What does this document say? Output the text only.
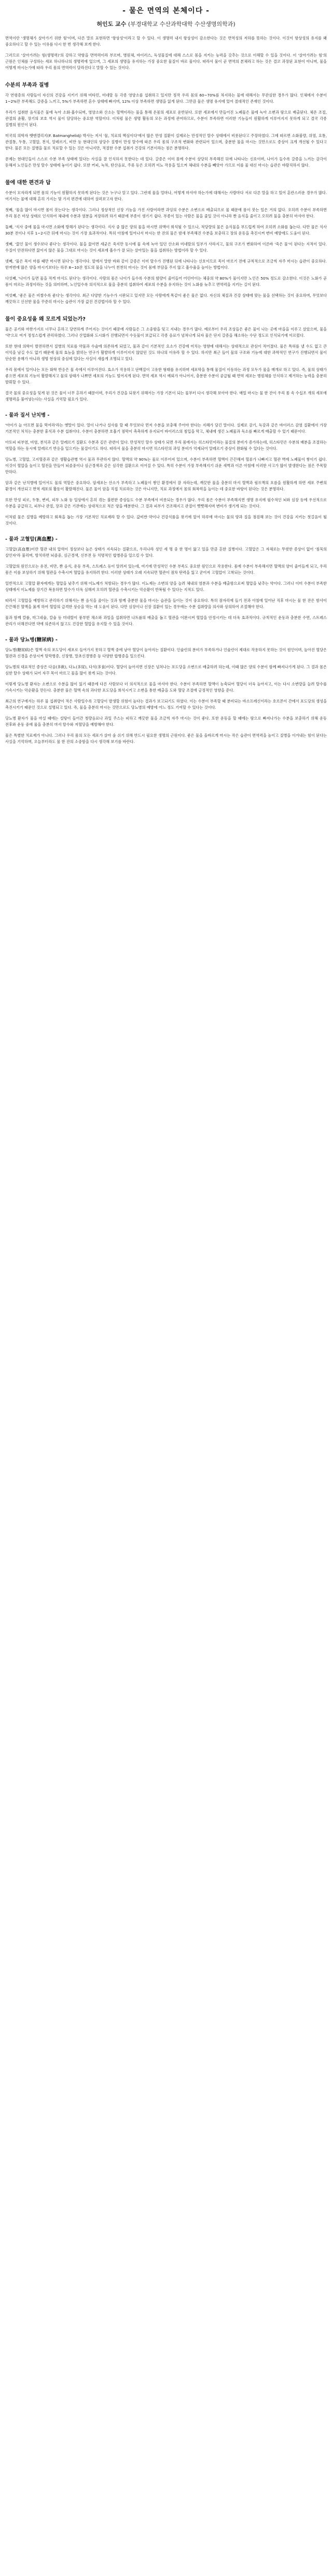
- 물은 면역의 본체이다 -
허인도 교수 (부경대학교 수산과학대학 수산생명의학과)

면역이란 '생명체가 살아가기 위한 힘'이며, 다른 말로 표현하면 '항상성'이라고 할 수 있다. 이 생명력 내지 항상성이 감소한다는 것은 면역성의 저하를 뜻하는 것이다. 이것이 항상성의 유지를 왜 중요하다고 할 수 있는 이유를 다시 한 번 생각해 보게 한다.

그러므로 '살아가려는 힘(생명력)'의 강하고 약함을 면역력이라 부르며, 병원체, 바이러스, 독성물질에 대해 스스로 몸을 지키는 능력을 갖추는 것으로 이해할 수 있을 것이다. 이 '살아가려는 힘'의 근원은 인체를 구성하는 세포 하나하나의 생명력에 있으며, 그 세포의 생명을 유지하는 가장 중요한 물질이 바로 물이다. 따라서 물이 곧 면역의 본체라고 하는 것은 결코 과장된 표현이 아니며, 물을 어떻게 마시는가에 따라 우리 몸의 면역력이 달라진다고 말할 수 있는 것이다.

수분의 부족과 질병

각 연령층의 사람들이 자신의 건강을 지키기 위해 비타민, 미네랄 등 각종 영양소를 섭취하고 있지만 정작 우리 몸의 60~70%를 차지하는 물에 대해서는 무관심한 경우가 많다. 인체에서 수분이 1~2%만 부족해도 갈증을 느끼고, 5%가 부족하면 혼수 상태에 빠지며, 12% 이상 부족하면 생명을 잃게 된다. 그만큼 물은 생명 유지에 있어 절대적인 존재인 것이다.

우리가 섭취한 음식물은 물에 녹아 소화·흡수되며, 영양소와 산소는 혈액이라는 물을 통해 온몸의 세포로 운반된다. 또한 세포에서 만들어진 노폐물은 물에 녹아 소변과 땀으로 배출된다. 체온 조절, 관절의 윤활, 장기의 보호 역시 물이 담당하는 중요한 역할이다. 이처럼 물은 생명 활동의 모든 과정에 관여하므로, 수분이 부족하면 이러한 기능들이 원활하게 이루어지지 못하게 되고 결국 각종 질병의 원인이 된다.

미국의 의학자 뱃맨겔리지(F. Batmanghelidj) 박사는 저서 '물, 치료의 핵심이다'에서 많은 만성 질환이 실제로는 만성적인 탈수 상태에서 비롯된다고 주장하였다. 그에 따르면 소화불량, 위염, 요통, 관절통, 두통, 고혈압, 천식, 알레르기, 비만 등 현대인의 상당수 질병이 만성 탈수에 따른 우리 몸의 구조적 변화와 관련되어 있으며, 충분한 물을 마시는 것만으로도 증상이 크게 개선될 수 있다고 한다. 물론 모든 질병을 물로 치료할 수 있는 것은 아니지만, 적절한 수분 섭취가 건강의 기본이라는 점은 분명하다.

문제는 현대인들이 스스로 수분 부족 상태에 있다는 사실을 잘 인식하지 못한다는 데 있다. 갈증은 이미 몸에 수분이 상당히 부족해진 뒤에 나타나는 신호이며, 나이가 들수록 갈증을 느끼는 감각이 둔해져 노인들은 만성 탈수 상태에 놓이기 쉽다. 또한 커피, 녹차, 탄산음료, 주류 등은 오히려 이뇨 작용을 일으켜 체내의 수분을 빼앗아 가므로 이를 물 대신 마시는 습관은 바람직하지 않다.

물에 대한 편견과 답

수분이 모자라게 되면 몸의 기능이 원활하지 못하게 된다는 것은 누구나 알고 있다. 그런데 물을 얼마나, 어떻게 마셔야 하는가에 대해서는 사람마다 서로 다른 말을 하고 있어 혼란스러운 경우가 많다. 여기서는 물에 대해 흔히 가지는 몇 가지 편견에 대하여 살펴보고자 한다.

첫째, '물을 많이 마시면 몸이 붓는다'는 생각이다. 그러나 정상적인 신장 기능을 가진 사람이라면 과잉의 수분은 소변으로 배출되므로 물 때문에 몸이 붓는 일은 거의 없다. 오히려 수분이 부족하면 우리 몸은 비상 상태로 인식하여 체내에 수분과 염분을 저장하려 하기 때문에 부종이 생기기 쉽다. 부종이 있는 사람은 물을 줄일 것이 아니라 짠 음식을 줄이고 오히려 물을 충분히 마셔야 한다.

둘째, '식사 중에 물을 마시면 소화에 방해가 된다'는 생각이다. 식사 중 많은 양의 물을 마시면 위액이 희석될 수 있으나, 적당량의 물은 음식물을 부드럽게 하여 오히려 소화를 돕는다. 다만 물은 식사 30분 전이나 식후 1~2시간 뒤에 마시는 것이 가장 효과적이다. 특히 아침에 일어나서 마시는 한 잔의 물은 밤새 부족해진 수분을 보충하고 장의 운동을 촉진시켜 변비 예방에도 도움이 된다.

셋째, '끓인 물이 생수보다 좋다'는 생각이다. 물을 끓이면 세균은 죽지만 동시에 물 속에 녹아 있던 산소와 미네랄의 일부가 사라지고, 물의 구조가 변화하여 이른바 '죽은 물'이 된다는 지적이 있다. 수질이 안전하다면 끓이지 않은 물을 그대로 마시는 것이 세포에 흡수가 잘 되는 살아있는 물을 섭취하는 방법이라 할 수 있다.

넷째, '물은 목이 마를 때만 마시면 된다'는 생각이다. 앞에서 말한 바와 같이 갈증은 이미 탈수가 진행된 뒤에 나타나는 신호이므로 목이 마르기 전에 규칙적으로 조금씩 자주 마시는 습관이 중요하다. 한꺼번에 많은 양을 마시기보다는 하루 8~10잔 정도의 물을 나누어 천천히 마시는 것이 몸에 부담을 주지 않고 흡수율을 높이는 방법이다.

다섯째, '나이가 들면 물을 적게 마셔도 된다'는 생각이다. 사람의 몸은 나이가 들수록 수분의 함량이 줄어들어 어린아이는 체중의 약 80%가 물이지만 노인은 50% 정도로 감소한다. 이것은 노화가 곧 몸이 마르는 과정이라는 것을 의미하며, 노인일수록 의식적으로 물을 충분히 섭취하여 세포의 수분을 유지하는 것이 노화를 늦추고 면역력을 지키는 길이 된다.

여섯째, '좋은 물은 비쌀수록 좋다'는 생각이다. 최근 다양한 기능수가 시판되고 있지만 모든 사람에게 똑같이 좋은 물은 없다. 자신의 체질과 건강 상태에 맞는 물을 선택하는 것이 중요하며, 무엇보다 깨끗하고 신선한 물을 꾸준히 마시는 습관이 가장 값진 건강법이라 할 수 있다.

물이 중요성을 왜 모르게 되었는가?

물은 공기와 마찬가지로 너무나 흔하고 당연하게 주어지는 것이기 때문에 사람들은 그 소중함을 잊고 지내는 경우가 많다. 예로부터 우리 조상들은 좋은 물이 나는 곳에 마을을 이루고 살았으며, 물을 '약'으로 여겨 정성스럽게 관리하였다. 그러나 산업화와 도시화가 진행되면서 수돗물이 보급되고 각종 음료가 넘쳐나게 되자 물은 단지 갈증을 해소하는 수단 정도로 인식되기에 이르렀다.

또한 현대 의학이 발전하면서 질병의 치료를 약물과 수술에 의존하게 되었고, 물과 같이 기본적인 요소가 건강에 미치는 영향에 대해서는 상대적으로 관심이 적어졌다. 물은 특허를 낼 수도 없고 큰 이익을 남길 수도 없기 때문에 물의 효능을 밝히는 연구가 활발하게 이루어지지 않았던 것도 하나의 이유라 할 수 있다. 하지만 최근 들어 물의 구조와 기능에 대한 과학적인 연구가 진행되면서 물이 단순한 용매가 아니라 생명 현상의 중심에 있다는 사실이 새롭게 조명되고 있다.

우리 몸에서 일어나는 모든 화학 반응은 물 속에서 이루어진다. 효소가 작용하고 단백질이 고유한 형태를 유지하며 세포막을 통해 물질이 이동하는 과정 모두가 물을 매개로 하고 있다. 즉, 물의 상태가 좋으면 세포의 기능이 활발해지고 물의 상태가 나쁘면 세포의 기능도 떨어지게 된다. 면역 세포 역시 예외가 아니어서, 충분한 수분이 공급될 때 면역 세포는 병원체를 인식하고 제거하는 능력을 충분히 발휘할 수 있다.

결국 물의 중요성을 잊게 된 것은 물이 너무 흔하기 때문이며, 우리가 건강을 되찾기 위해서는 가장 기본이 되는 물부터 다시 생각해 보아야 한다. 매일 마시는 물 한 잔이 우리 몸 속 수십조 개의 세포에 생명력을 불어넣는다는 사실을 기억할 필요가 있다.

- 물과 질서 난치병 -

'아이가 늘 아프면 물을 먹여라'라는 옛말이 있다. 열이 나거나 설사를 할 때 무엇보다 먼저 수분을 보충해 주어야 한다는 지혜가 담긴 말이다. 실제로 감기, 독감과 같은 바이러스 감염 질환에서 가장 기본적인 처치는 충분한 휴식과 수분 섭취이다. 수분이 충분하면 호흡기 점막이 촉촉하게 유지되어 바이러스의 침입을 막고, 체내에 생긴 노폐물과 독소를 빠르게 배출할 수 있기 때문이다.

아토피 피부염, 비염, 천식과 같은 알레르기 질환도 수분과 깊은 관련이 있다. 만성적인 탈수 상태가 되면 우리 몸에서는 히스타민이라는 물질의 분비가 증가하는데, 히스타민은 수분의 배분을 조절하는 역할을 하는 동시에 알레르기 반응을 일으키는 물질이기도 하다. 따라서 물을 충분히 마시면 히스타민의 과잉 분비가 억제되어 알레르기 증상이 완화될 수 있다는 것이다.

당뇨병, 고혈압, 고지혈증과 같은 생활습관병 역시 물과 무관하지 않다. 혈액의 약 90%는 물로 이루어져 있으며, 수분이 부족하면 혈액이 끈끈해져 혈류가 나빠지고 혈관 벽에 노폐물이 쌓이기 쉽다. 이것이 혈압을 높이고 혈전을 만들어 뇌졸중이나 심근경색과 같은 심각한 질환으로 이어질 수 있다. 특히 수분이 가장 부족해지기 쉬운 새벽과 이른 아침에 이러한 사고가 많이 발생한다는 점은 주목할 만하다.

암과 같은 난치병에 있어서도 물의 역할은 중요하다. 암세포는 산소가 부족하고 노폐물이 쌓인 환경에서 잘 자라는데, 깨끗한 물을 충분히 마셔 혈액과 림프액의 흐름을 원활하게 하면 세포 주변의 환경이 개선되고 면역 세포의 활동이 활발해진다. 물론 물이 암을 직접 치료하는 것은 아니지만, 치료 과정에서 몸의 회복력을 높이는 데 중요한 바탕이 된다는 것은 분명하다.

또한 만성 피로, 두통, 변비, 피부 노화 등 일상에서 흔히 겪는 불편한 증상들도 수분 부족에서 비롯되는 경우가 많다. 우리 몸은 수분이 부족해지면 생명 유지에 필수적인 뇌와 심장 등에 우선적으로 수분을 공급하고, 피부나 관절, 장과 같은 기관에는 상대적으로 적은 양을 배분한다. 그 결과 피부가 건조해지고 관절이 뻣뻣해지며 변비가 생기게 되는 것이다.

이처럼 물은 질병을 예방하고 회복을 돕는 가장 기본적인 치료제라 할 수 있다. 값비싼 약이나 건강식품을 찾기에 앞서 하루에 마시는 물의 양과 질을 점검해 보는 것이 건강을 지키는 첫걸음이 될 것이다.

- 물과 고혈압(高血壓) -

고혈압(高血壓)이란 혈관 내의 압력이 정상보다 높은 상태가 지속되는 질환으로, 우리나라 성인 세 명 중 한 명이 앓고 있을 만큼 흔한 질병이다. 고혈압은 그 자체로는 뚜렷한 증상이 없어 '침묵의 살인자'라 불리며, 방치하면 뇌졸중, 심근경색, 신부전 등 치명적인 합병증을 일으킬 수 있다.

고혈압의 원인으로는 유전, 비만, 짠 음식, 운동 부족, 스트레스 등이 알려져 있는데, 여기에 만성적인 수분 부족도 중요한 원인으로 작용한다. 몸에 수분이 부족해지면 혈액의 양이 줄어들게 되고, 우리 몸은 이를 보상하기 위해 혈관을 수축시켜 혈압을 유지하려 한다. 이러한 상태가 오래 지속되면 혈관이 점차 탄력을 잃고 굳어져 고혈압이 고착되는 것이다.

일반적으로 고혈압 환자에게는 혈압을 낮추기 위해 이뇨제가 처방되는 경우가 많다. 이뇨제는 소변의 양을 늘려 체내의 염분과 수분을 배출함으로써 혈압을 낮추는 약이다. 그러나 이미 수분이 부족한 상태에서 이뇨제를 장기간 복용하면 탈수가 더욱 심해져 오히려 혈관을 수축시키는 악순환이 반복될 수 있다는 지적도 있다.

따라서 고혈압을 예방하고 관리하기 위해서는 짠 음식을 줄이는 것과 함께 충분한 물을 마시는 습관을 들이는 것이 중요하다. 특히 잠자리에 들기 전과 아침에 일어난 직후 마시는 물 한 잔은 밤사이 끈끈해진 혈액을 묽게 하여 혈압의 급격한 상승을 막는 데 도움이 된다. 다만 심장이나 신장 질환이 있는 경우에는 수분 섭취량을 의사와 상의하여 조절해야 한다.

물과 함께 칼륨, 마그네슘, 칼슘 등 미네랄이 풍부한 채소와 과일을 섭취하면 나트륨의 배출을 돕고 혈관을 이완시켜 혈압을 안정시키는 데 더욱 효과적이다. 규칙적인 운동과 충분한 수면, 스트레스 관리가 더해진다면 약에 의존하지 않고도 건강한 혈압을 유지할 수 있을 것이다.

- 물과 당뇨병(糖尿病) -

당뇨병(糖尿病)은 혈액 속의 포도당이 세포로 들어가지 못하고 혈액 중에 남아 혈당이 높아지는 질환이다. 인슐린의 분비가 부족하거나 인슐린이 제대로 작용하지 못하는 것이 원인이며, 높아진 혈당은 혈관과 신경을 손상시켜 망막병증, 신장병, 말초신경병증 등 다양한 합병증을 일으킨다.

당뇨병의 대표적인 증상은 다음(多飮), 다뇨(多尿), 다식(多食)이다. 혈당이 높아지면 신장은 넘쳐나는 포도당을 소변으로 배출하려 하는데, 이때 많은 양의 수분이 함께 빠져나가게 된다. 그 결과 몸은 심한 탈수 상태가 되어 자꾸 목이 마르고 물을 많이 찾게 되는 것이다.

이렇게 당뇨병 환자는 소변으로 수분을 많이 잃기 때문에 다른 사람보다 더 의식적으로 물을 마셔야 한다. 수분이 부족하면 혈액이 농축되어 혈당이 더욱 높아지고, 이는 다시 소변량을 늘려 탈수를 가속시키는 악순환을 만든다. 충분한 물은 혈액 속의 과다한 포도당을 희석시키고 소변을 통한 배출을 도와 혈당 조절에 긍정적인 영향을 준다.

최근의 연구에서는 하루 물 섭취량이 적은 사람일수록 고혈당이 발생할 위험이 높다는 결과가 보고되기도 하였다. 이는 수분이 부족할 때 분비되는 바소프레신이라는 호르몬이 간에서 포도당의 생성을 촉진시키기 때문인 것으로 설명되고 있다. 즉, 물을 충분히 마시는 것만으로도 당뇨병의 예방에 어느 정도 기여할 수 있다는 것이다.

당뇨병 환자가 물을 마실 때에는 설탕이 들어간 청량음료나 과일 주스는 피하고 깨끗한 물을 조금씩 자주 마시는 것이 좋다. 또한 운동을 할 때에는 땀으로 빠져나가는 수분을 보충하기 위해 운동 전후와 운동 중에 물을 충분히 마셔 탈수와 저혈당을 예방해야 한다.

물은 특별한 치료제가 아니다. 그러나 우리 몸의 모든 세포가 살아 숨 쉬기 위해 반드시 필요한 생명의 근원이다. 좋은 물을 올바르게 마시는 작은 습관이 면역력을 높이고 질병을 이겨내는 힘이 된다는 사실을 기억하며, 오늘부터라도 물 한 잔의 소중함을 다시 생각해 보기를 바란다.
